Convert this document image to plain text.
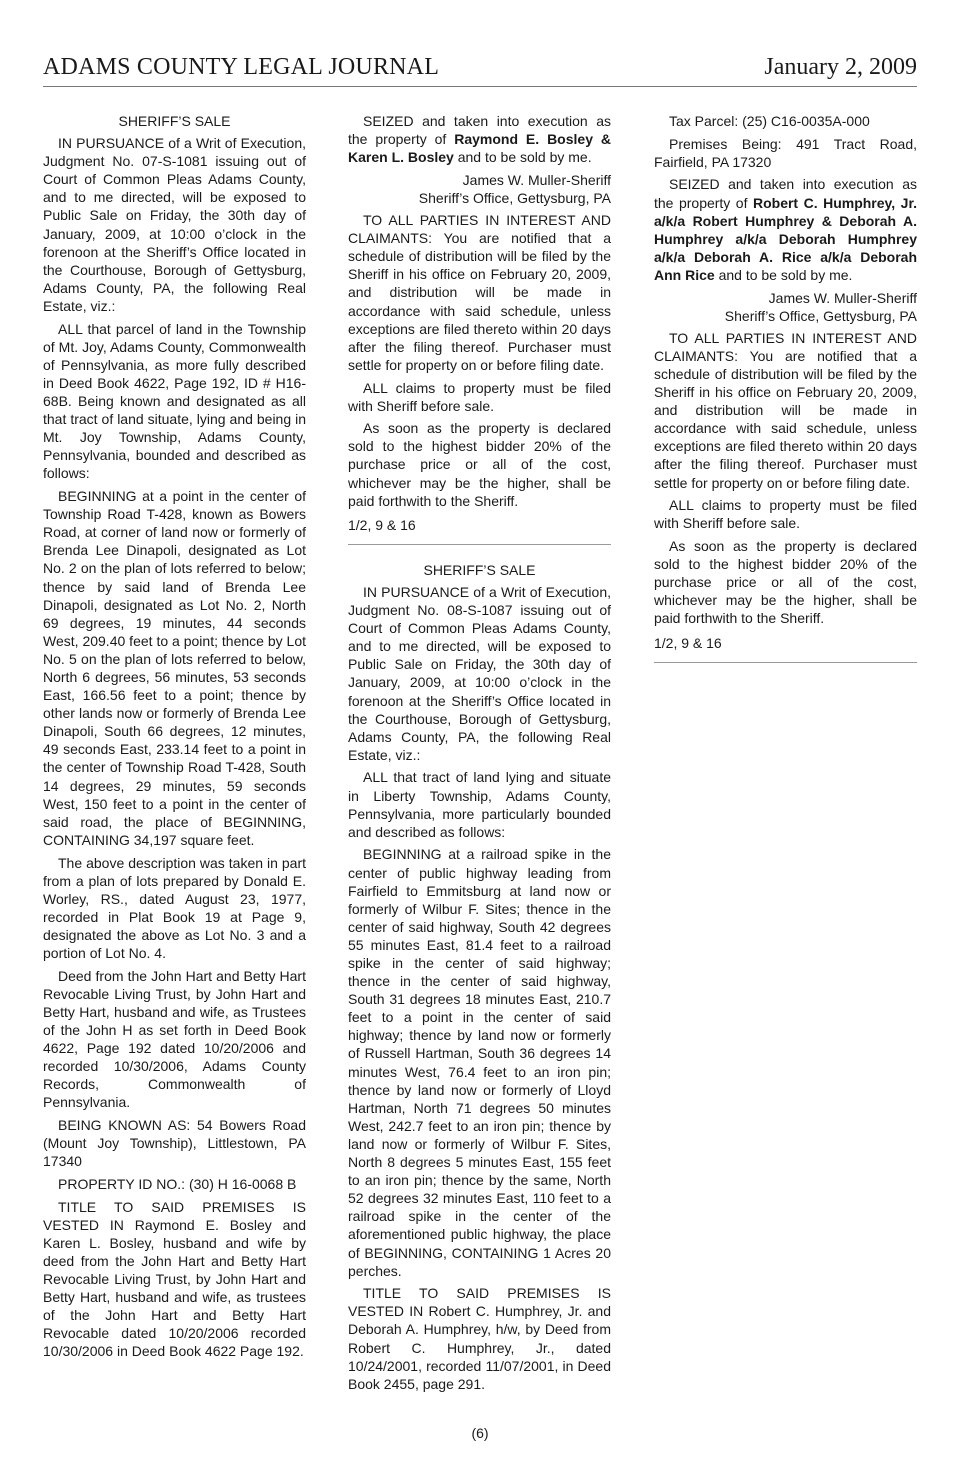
ADAMS COUNTY LEGAL JOURNAL	January 2, 2009

SHERIFF’S SALE

IN PURSUANCE of a Writ of Execution, Judgment No. 07-S-1081 issuing out of Court of Common Pleas Adams County, and to me directed, will be exposed to Public Sale on Friday, the 30th day of January, 2009, at 10:00 o’clock in the forenoon at the Sheriff’s Office located in the Courthouse, Borough of Gettysburg, Adams County, PA, the following Real Estate, viz.:

ALL that parcel of land in the Township of Mt. Joy, Adams County, Commonwealth of Pennsylvania, as more fully described in Deed Book 4622, Page 192, ID # H16-68B. Being known and designated as all that tract of land situate, lying and being in Mt. Joy Township, Adams County, Pennsylvania, bounded and described as follows:

BEGINNING at a point in the center of Township Road T-428, known as Bowers Road, at corner of land now or formerly of Brenda Lee Dinapoli, designated as Lot No. 2 on the plan of lots referred to below; thence by said land of Brenda Lee Dinapoli, designated as Lot No. 2, North 69 degrees, 19 minutes, 44 seconds West, 209.40 feet to a point; thence by Lot No. 5 on the plan of lots referred to below, North 6 degrees, 56 minutes, 53 seconds East, 166.56 feet to a point; thence by other lands now or formerly of Brenda Lee Dinapoli, South 66 degrees, 12 minutes, 49 seconds East, 233.14 feet to a point in the center of Township Road T-428, South 14 degrees, 29 minutes, 59 seconds West, 150 feet to a point in the center of said road, the place of BEGINNING, CONTAINING 34,197 square feet.

The above description was taken in part from a plan of lots prepared by Donald E. Worley, RS., dated August 23, 1977, recorded in Plat Book 19 at Page 9, designated the above as Lot No. 3 and a portion of Lot No. 4.

Deed from the John Hart and Betty Hart Revocable Living Trust, by John Hart and Betty Hart, husband and wife, as Trustees of the John H as set forth in Deed Book 4622, Page 192 dated 10/20/2006 and recorded 10/30/2006, Adams County Records, Commonwealth of Pennsylvania.

BEING KNOWN AS: 54 Bowers Road (Mount Joy Township), Littlestown, PA 17340

PROPERTY ID NO.: (30) H 16-0068 B

TITLE TO SAID PREMISES IS VESTED IN Raymond E. Bosley and Karen L. Bosley, husband and wife by deed from the John Hart and Betty Hart Revocable Living Trust, by John Hart and Betty Hart, husband and wife, as trustees of the John Hart and Betty Hart Revocable dated 10/20/2006 recorded 10/30/2006 in Deed Book 4622 Page 192.

SEIZED and taken into execution as the property of Raymond E. Bosley & Karen L. Bosley and to be sold by me.

James W. Muller-Sheriff
Sheriff’s Office, Gettysburg, PA

TO ALL PARTIES IN INTEREST AND CLAIMANTS: You are notified that a schedule of distribution will be filed by the Sheriff in his office on February 20, 2009, and distribution will be made in accordance with said schedule, unless exceptions are filed thereto within 20 days after the filing thereof. Purchaser must settle for property on or before filing date.

ALL claims to property must be filed with Sheriff before sale.

As soon as the property is declared sold to the highest bidder 20% of the purchase price or all of the cost, whichever may be the higher, shall be paid forthwith to the Sheriff.

1/2, 9 & 16

SHERIFF’S SALE

IN PURSUANCE of a Writ of Execution, Judgment No. 08-S-1087 issuing out of Court of Common Pleas Adams County, and to me directed, will be exposed to Public Sale on Friday, the 30th day of January, 2009, at 10:00 o’clock in the forenoon at the Sheriff’s Office located in the Courthouse, Borough of Gettysburg, Adams County, PA, the following Real Estate, viz.:

ALL that tract of land lying and situate in Liberty Township, Adams County, Pennsylvania, more particularly bounded and described as follows:

BEGINNING at a railroad spike in the center of public highway leading from Fairfield to Emmitsburg at land now or formerly of Wilbur F. Sites; thence in the center of said highway, South 42 degrees 55 minutes East, 81.4 feet to a railroad spike in the center of said highway; thence in the center of said highway, South 31 degrees 18 minutes East, 210.7 feet to a point in the center of said highway; thence by land now or formerly of Russell Hartman, South 36 degrees 14 minutes West, 76.4 feet to an iron pin; thence by land now or formerly of Lloyd Hartman, North 71 degrees 50 minutes West, 242.7 feet to an iron pin; thence by land now or formerly of Wilbur F. Sites, North 8 degrees 5 minutes East, 155 feet to an iron pin; thence by the same, North 52 degrees 32 minutes East, 110 feet to a railroad spike in the center of the aforementioned public highway, the place of BEGINNING, CONTAINING 1 Acres 20 perches.

TITLE TO SAID PREMISES IS VESTED IN Robert C. Humphrey, Jr. and Deborah A. Humphrey, h/w, by Deed from Robert C. Humphrey, Jr., dated 10/24/2001, recorded 11/07/2001, in Deed Book 2455, page 291.

Tax Parcel: (25) C16-0035A-000

Premises Being: 491 Tract Road, Fairfield, PA 17320

SEIZED and taken into execution as the property of Robert C. Humphrey, Jr. a/k/a Robert Humphrey & Deborah A. Humphrey a/k/a Deborah Humphrey a/k/a Deborah A. Rice a/k/a Deborah Ann Rice and to be sold by me.

James W. Muller-Sheriff
Sheriff’s Office, Gettysburg, PA

TO ALL PARTIES IN INTEREST AND CLAIMANTS: You are notified that a schedule of distribution will be filed by the Sheriff in his office on February 20, 2009, and distribution will be made in accordance with said schedule, unless exceptions are filed thereto within 20 days after the filing thereof. Purchaser must settle for property on or before filing date.

ALL claims to property must be filed with Sheriff before sale.

As soon as the property is declared sold to the highest bidder 20% of the purchase price or all of the cost, whichever may be the higher, shall be paid forthwith to the Sheriff.

1/2, 9 & 16

(6)
